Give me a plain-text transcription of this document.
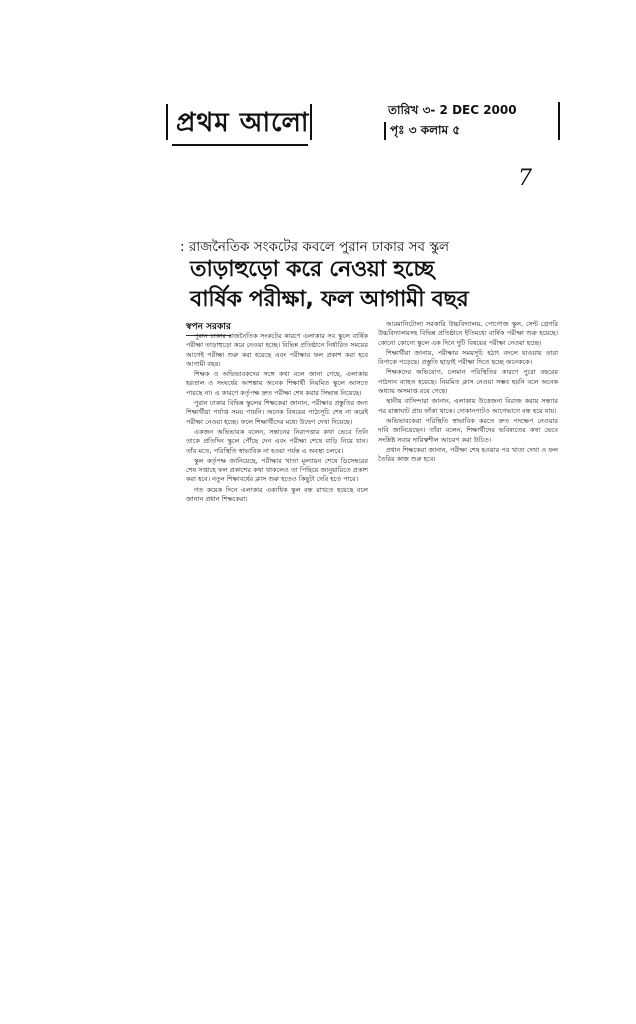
প্রথম আলো	তারিখ ৩- 2 DEC 2000
পৃঃ ৩ কলাম ৫
7
: রাজনৈতিক সংকটের কবলে পুরান ঢাকার সব স্কুল
তাড়াহুড়ো করে নেওয়া হচ্ছে বার্ষিক পরীক্ষা, ফল আগামী বছর
স্বপন সরকার

পুরান ঢাকার রাজনৈতিক সংকটের কারণে এলাকার সব স্কুলে বার্ষিক পরীক্ষা তাড়াহুড়ো করে নেওয়া হচ্ছে। বিভিন্ন প্রতিষ্ঠানে নির্ধারিত সময়ের আগেই পরীক্ষা শুরু করা হয়েছে এবং পরীক্ষার ফল প্রকাশ করা হবে আগামী বছর।

শিক্ষক ও অভিভাবকদের সঙ্গে কথা বলে জানা গেছে, এলাকায় হরতাল ও সংঘর্ষের আশঙ্কায় অনেক শিক্ষার্থী নিয়মিত স্কুলে আসতে পারছে না। এ কারণে কর্তৃপক্ষ দ্রুত পরীক্ষা শেষ করার সিদ্ধান্ত নিয়েছে।

পুরান ঢাকার বিভিন্ন স্কুলের শিক্ষকেরা জানান, পরীক্ষার প্রস্তুতির জন্য শিক্ষার্থীরা পর্যাপ্ত সময় পায়নি। অনেক বিষয়ের পাঠ্যসূচি শেষ না করেই পরীক্ষা নেওয়া হচ্ছে। ফলে শিক্ষার্থীদের মধ্যে উদ্বেগ দেখা দিয়েছে।

একজন অভিভাবক বলেন, সন্তানের নিরাপত্তার কথা ভেবে তিনি তাকে প্রতিদিন স্কুলে পৌঁছে দেন এবং পরীক্ষা শেষে বাড়ি নিয়ে যান। তাঁর মতে, পরিস্থিতি স্বাভাবিক না হওয়া পর্যন্ত এ অবস্থা চলবে।

স্কুল কর্তৃপক্ষ জানিয়েছে, পরীক্ষার খাতা মূল্যায়ন শেষে ডিসেম্বরের শেষ সপ্তাহে ফল প্রকাশের কথা থাকলেও তা পিছিয়ে জানুয়ারিতে প্রকাশ করা হবে। নতুন শিক্ষাবর্ষের ক্লাস শুরু হতেও কিছুটা দেরি হতে পারে।

গত কয়েক দিনে এলাকার একাধিক স্কুল বন্ধ রাখতে হয়েছে বলে জানান প্রধান শিক্ষকেরা।

আরমানিটোলা সরকারি উচ্চবিদ্যালয়, পোগোজ স্কুল, সেন্ট গ্রেগরি উচ্চবিদ্যালয়সহ বিভিন্ন প্রতিষ্ঠানে ইতিমধ্যে বার্ষিক পরীক্ষা শুরু হয়েছে। কোনো কোনো স্কুলে এক দিনে দুটি বিষয়ের পরীক্ষা নেওয়া হচ্ছে।

শিক্ষার্থীরা জানায়, পরীক্ষার সময়সূচি হঠাৎ বদলে যাওয়ায় তারা বিপাকে পড়েছে। প্রস্তুতি ছাড়াই পরীক্ষা দিতে হচ্ছে অনেককে।

শিক্ষকদের অভিযোগ, চলমান পরিস্থিতির কারণে পুরো বছরের পাঠদান ব্যাহত হয়েছে। নিয়মিত ক্লাস নেওয়া সম্ভব হয়নি বলে অনেক অধ্যায় অসমাপ্ত রয়ে গেছে।

স্থানীয় বাসিন্দারা জানান, এলাকায় উত্তেজনা বিরাজ করায় সন্ধ্যার পর রাস্তাঘাট প্রায় ফাঁকা থাকে। দোকানপাটও আগেভাগে বন্ধ হয়ে যায়।

অভিভাবকেরা পরিস্থিতি স্বাভাবিক করতে দ্রুত পদক্ষেপ নেওয়ার দাবি জানিয়েছেন। তাঁরা বলেন, শিক্ষার্থীদের ভবিষ্যতের কথা ভেবে সংশ্লিষ্ট সবার দায়িত্বশীল আচরণ করা উচিত।

প্রধান শিক্ষকেরা জানান, পরীক্ষা শেষ হওয়ার পর খাতা দেখা ও ফল তৈরির কাজ শুরু হবে।
